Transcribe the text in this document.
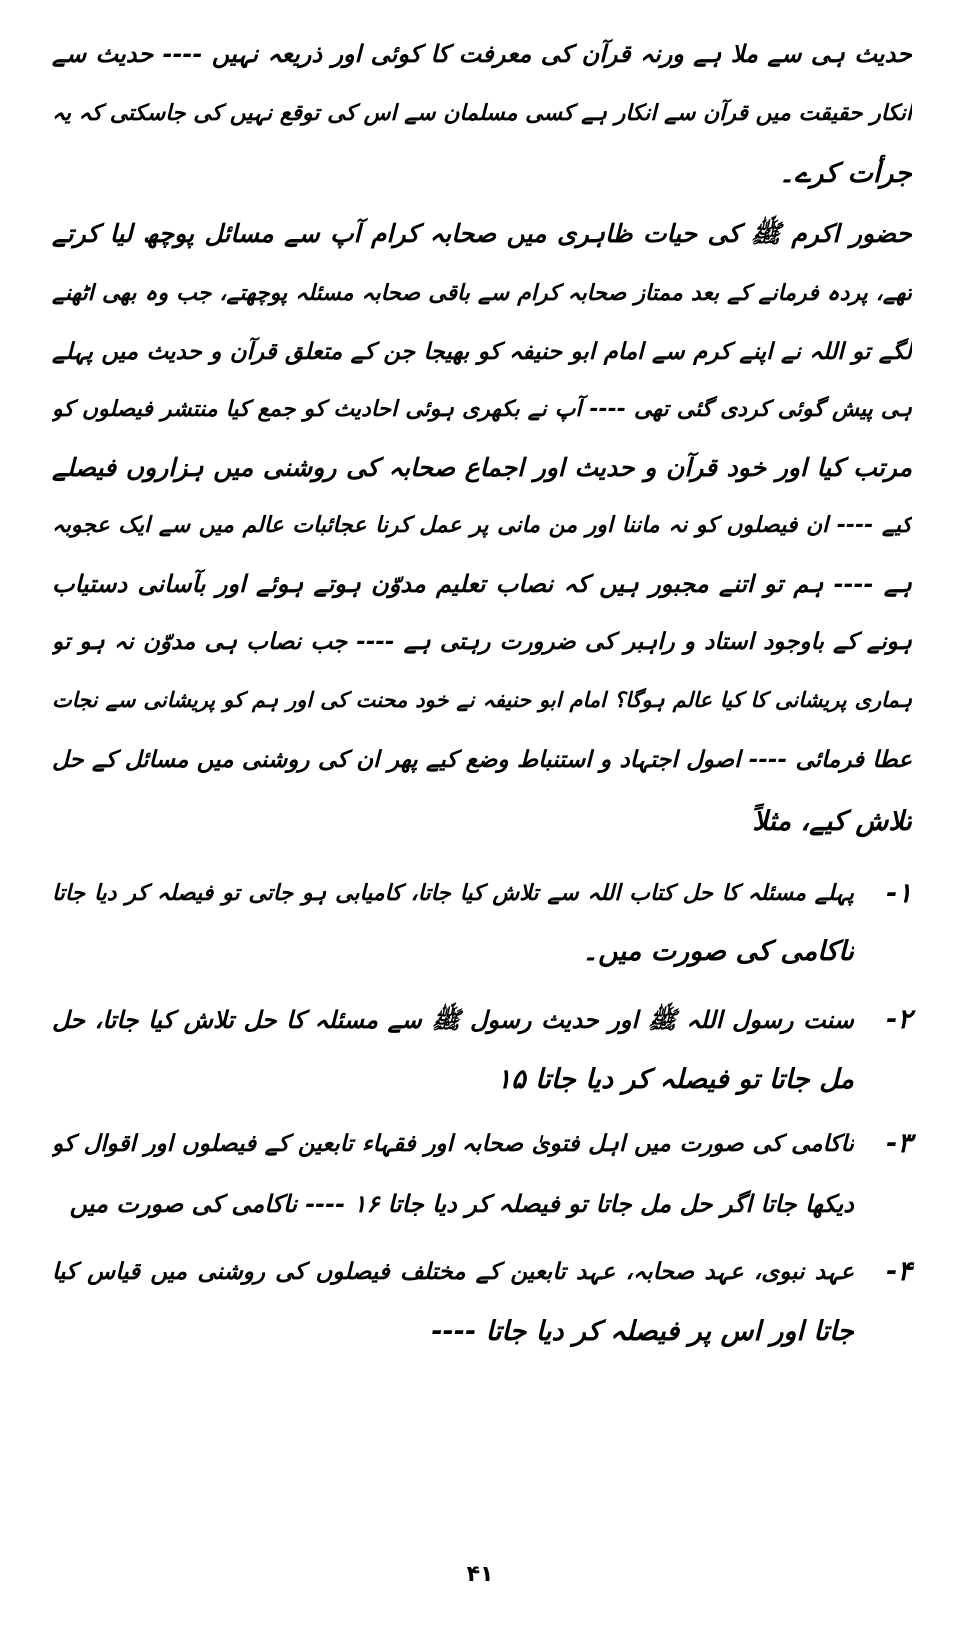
حدیث ہی سے ملا ہے ورنہ قرآن کی معرفت کا کوئی اور ذریعہ نہیں ---- حدیث سے
انکار حقیقت میں قرآن سے انکار ہے کسی مسلمان سے اس کی توقع نہیں کی جاسکتی کہ یہ
جرأت کرے۔
حضور اکرم ﷺ کی حیات ظاہری میں صحابہ کرام آپ سے مسائل پوچھ لیا کرتے
تھے، پردہ فرمانے کے بعد ممتاز صحابہ کرام سے باقی صحابہ مسئلہ پوچھتے، جب وہ بھی اٹھنے
لگے تو اللہ نے اپنے کرم سے امام ابو حنیفہ کو بھیجا جن کے متعلق قرآن و حدیث میں پہلے
ہی پیش گوئی کردی گئی تھی ---- آپ نے بکھری ہوئی احادیث کو جمع کیا منتشر فیصلوں کو
مرتب کیا اور خود قرآن و حدیث اور اجماع صحابہ کی روشنی میں ہزاروں فیصلے
کیے ---- ان فیصلوں کو نہ ماننا اور من مانی پر عمل کرنا عجائبات عالم میں سے ایک عجوبہ
ہے ---- ہم تو اتنے مجبور ہیں کہ نصاب تعلیم مدوّن ہوتے ہوئے اور بآسانی دستیاب
ہونے کے باوجود استاد و راہبر کی ضرورت رہتی ہے ---- جب نصاب ہی مدوّن نہ ہو تو
ہماری پریشانی کا کیا عالم ہوگا؟ امام ابو حنیفہ نے خود محنت کی اور ہم کو پریشانی سے نجات
عطا فرمائی ---- اصول اجتہاد و استنباط وضع کیے پھر ان کی روشنی میں مسائل کے حل
تلاش کیے، مثلاً
۱-
پہلے مسئلہ کا حل کتاب اللہ سے تلاش کیا جاتا، کامیابی ہو جاتی تو فیصلہ کر دیا جاتا
ناکامی کی صورت میں۔
۲-
سنت رسول اللہ ﷺ اور حدیث رسول ﷺ سے مسئلہ کا حل تلاش کیا جاتا، حل
مل جاتا تو فیصلہ کر دیا جاتا ۱۵
۳-
ناکامی کی صورت میں اہل فتویٰ صحابہ اور فقہاء تابعین کے فیصلوں اور اقوال کو
دیکھا جاتا اگر حل مل جاتا تو فیصلہ کر دیا جاتا ۱۶ ---- ناکامی کی صورت میں
۴-
عہد نبوی، عہد صحابہ، عہد تابعین کے مختلف فیصلوں کی روشنی میں قیاس کیا
جاتا اور اس پر فیصلہ کر دیا جاتا ----
۴۱
